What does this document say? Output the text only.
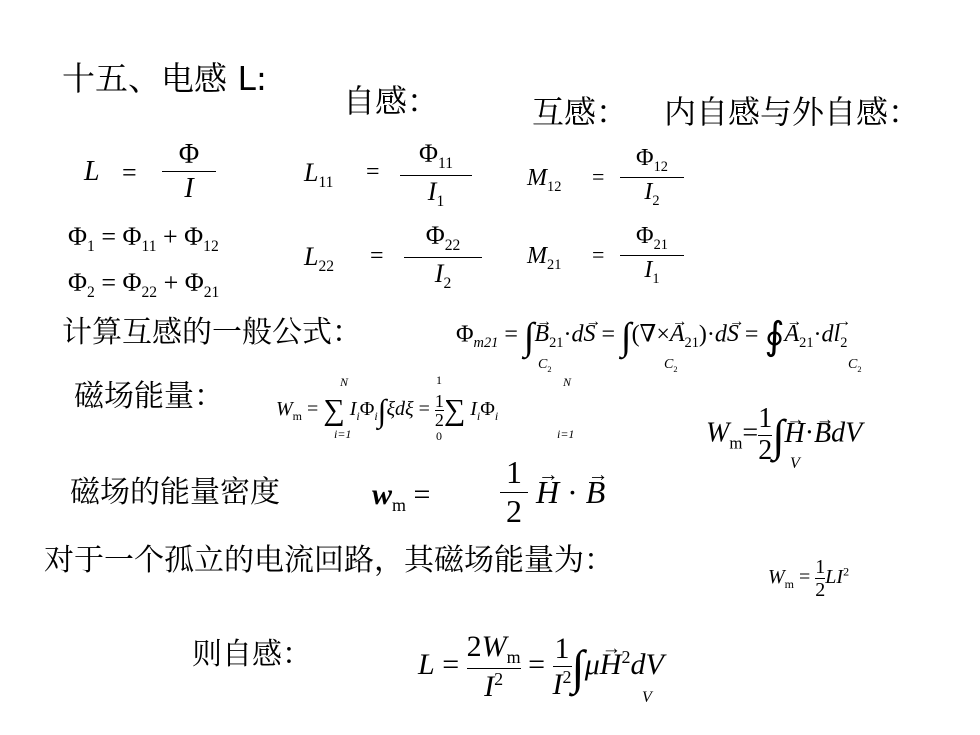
十五、电感 L:
自感：	互感： 内自感与外自感：
L =
Φ
I
$L_{11}$ =
$\Phi_{11}$
$I_1$
$M_{12}$ =
$\Phi_{12}$
$I_2$
$\Phi_1 = \Phi_{11} + \Phi_{12}$
$\Phi_2 = \Phi_{22} + \Phi_{21}$
$L_{22}$ =
$\Phi_{22}$
$I_2$
$M_{21}$ =
$\Phi_{21}$
$I_1$
计算互感的一般公式：	$\Phi_{m21}$ = ∫→ $B_{21}\cdot d\to S$ = ∫(∇×→ $A_{21})\cdot d\to S$ = ∮→ $A_{21}\cdot d\to l_2$
$C_2$	$C_2$	$C_2$
磁场能量：	$W_m$ = ∑ $I_i\Phi_i\int\xi d\xi = \frac{1}{2}$ ∑ $I_i\Phi_i$
N
i=1
1
0
N
i=1	$W_m= \frac{1}{2}$ ∫→ H·→ BdV
V
磁场的能量密度	$w_m$ =
1
2
→ H · → B
对于一个孤立的电流回路，其磁场能量为：	$W_m = \frac{1}{2} LI^2$
则自感：	$L = \frac{2W_m}{I^2} = \frac{1}{I^2} \int\mu\to H^2dV$
V
